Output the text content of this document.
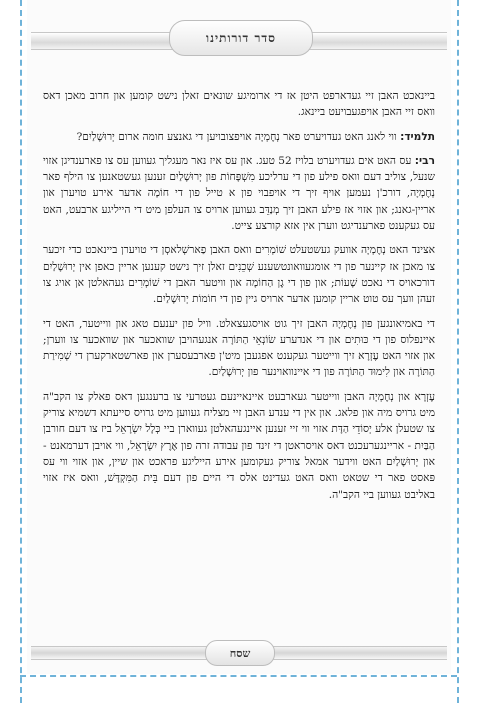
סדר דורותינו

ביינאכט האבן זיי געדארפט היטן אז די ארומיגע שונאים זאלן נישט קומען און חרוב מאכן דאס וואס זיי האבן אויפגעבויעט ביינאג.

תלמיד: ווי לאנג האט געדויערט פאר נְחֶמְיָה אויפצובויען די גאנצע חומה ארום יְרוּשָׁלַיִם?

רבי: עס האט אים געדויערט בלויז 52 טעג. און עס איז נאר מעגליך געווען עס צו פארענדיגן אזוי שנעל, צוליב דעם וואס פילע פון די ערליכע מִשְׁפָּחוֹת פון יְרוּשָׁלַיִם זענען געשטאנען צו הילף פאר נְחֶמְיָה, דורכ'ן נעמען אויף זיך די אויפבוי פון א טייל פון די חוֹמָה אדער אירע טויערן און אריין-גאנג; און אזוי אז פילע האבן זיך מְנַדֵּב געווען ארויס צו העלפן מיט די הייליגע ארבעט, האט עס געקענט פארענדיגט ווערן אין אזא קורצע צייט.

אצינד האט נְחֶמְיָה אוועק געשטעלט שׁוֹמְרִים וואס האבן פַארשְׁלאסְן די טויערן ביינאכט כדי זיכער צו מאכן אז קיינער פון די אומגעוואונטשענע שְׁכֵנִים זאלן זיך נישט קענען אריין כאפן אין יְרוּשָׁלַיִם דורכאויס די נאכט שָׁעוֹת; און פון די גֶן הַחוֹמָה און וויטער האבן די שׁוֹמְרִים געהאלטן אן אויג צו זעהן וועך עס טוט אריין קומען אדער ארויס גיין פון די חוֹמוֹת יְרוּשָׁלַיִם.

די באמיאונגען פון נְחֶמְיָה האבן זיך גוט אויסגעצאלט. וויל פון יענעם טאג און ווייטער, האט די איינפלוס פון די כּוּתִים און די אנדערע שׂוֹנְאֵי הַתּוֹרָה אנגעהויבן שוואכער און שוואכער צו ווערן; און אזוי האט עֶזְרָא זיך ווייטער געקענט אפגעבן מיט'ן פארבעסערן און פארשטארקערן די שְׁמִירַת הַתּוֹרָה און לִימוּד הַתּוֹרָה פון די איינוואוינער פון יְרוּשָׁלַיִם.

עֶזְרָא און נְחֶמְיָה האבן ווייטער געארבעט איינאיינעם געטרעי צו ברענגען דאס פאלק צו הקב"ה מיט גרויס מיה און פלאג. און אין די ענדע האבן זיי מצליח געווען מיט גרויס סייעתא דשמיא צוריק צו שטעלן אלע יְסוֹדֵי הַדָּת אזוי ווי זיי זענען איינגעהאלטן געווארן ביי כְּלָל יִשְׂרָאֵל ביז צו דעם חורבן הַבַּיִת - אריינגערעכנט דאס אויסראטן די זינד פון עבודה זרה פון אֶרֶץ יִשְׂרָאֵל, ווי אויבן דערמאנט - און יְרוּשָׁלַיִם האט ווידער אמאל צוריק געקומען אירע הייליגע פראכט און שיין, און אזוי ווי עס פּאסט פאר די שטאט וואס האט געדינט אלס די היים פון דעם בֵּית הַמִּקְדָּשׁ, וואס איז אזוי באליבט געווען ביי הקב"ה.

שסח
